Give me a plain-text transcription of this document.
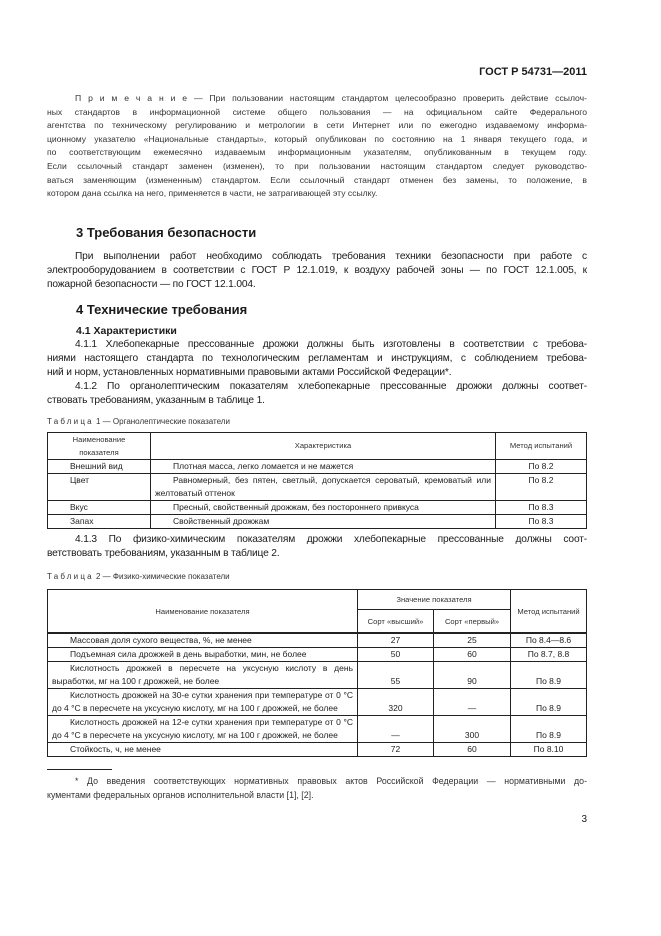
ГОСТ Р 54731—2011
П р и м е ч а н и е — При пользовании настоящим стандартом целесообразно проверить действие ссылоч-
ных стандартов в информационной системе общего пользования — на официальном сайте Федерального
агентства по техническому регулированию и метрологии в сети Интернет или по ежегодно издаваемому информа-
ционному указателю «Национальные стандарты», который опубликован по состоянию на 1 января текущего года, и
по соответствующим ежемесячно издаваемым информационным указателям, опубликованным в текущем году.
Если ссылочный стандарт заменен (изменен), то при пользовании настоящим стандартом следует руководство-
ваться заменяющим (измененным) стандартом. Если ссылочный стандарт отменен без замены, то положение, в
котором дана ссылка на него, применяется в части, не затрагивающей эту ссылку.
3 Требования безопасности
При выполнении работ необходимо соблюдать требования техники безопасности при работе с
электрооборудованием в соответствии с ГОСТ Р 12.1.019, к воздуху рабочей зоны — по ГОСТ 12.1.005, к
пожарной безопасности — по ГОСТ 12.1.004.
4 Технические требования
4.1 Характеристики
4.1.1 Хлебопекарные прессованные дрожжи должны быть изготовлены в соответствии с требова-
ниями настоящего стандарта по технологическим регламентам и инструкциям, с соблюдением требова-
ний и норм, установленных нормативными правовыми актами Российской Федерации*.
4.1.2 По органолептическим показателям хлебопекарные прессованные дрожжи должны соответ-
ствовать требованиям, указанным в таблице 1.
Таблица 1 — Органолептические показатели
Наименование показателя	Характеристика	Метод испытаний
Внешний вид	Плотная масса, легко ломается и не мажется	По 8.2
Цвет	Равномерный, без пятен, светлый, допускается сероватый, кремоватый или желтоватый оттенок	По 8.2
Вкус	Пресный, свойственный дрожжам, без постороннего привкуса	По 8.3
Запах	Свойственный дрожжам	По 8.3
4.1.3 По физико-химическим показателям дрожжи хлебопекарные прессованные должны соот-
ветствовать требованиям, указанным в таблице 2.
Таблица 2 — Физико-химические показатели
Наименование показателя	Значение показателя		Метод испытаний
	Сорт «высший»	Сорт «первый»	
Массовая доля сухого вещества, %, не менее	27	25	По 8.4—8.6
Подъемная сила дрожжей в день выработки, мин, не более	50	60	По 8.7, 8.8
Кислотность дрожжей в пересчете на уксусную кислоту в день выработки, мг на 100 г дрожжей, не более	55	90	По 8.9
Кислотность дрожжей на 30-е сутки хранения при температуре от 0 °С до 4 °С в пересчете на уксусную кислоту, мг на 100 г дрожжей, не более	320	—	По 8.9
Кислотность дрожжей на 12-е сутки хранения при температуре от 0 °С до 4 °С в пересчете на уксусную кислоту, мг на 100 г дрожжей, не более	—	300	По 8.9
Стойкость, ч, не менее	72	60	По 8.10
* До введения соответствующих нормативных правовых актов Российской Федерации — нормативными до-
кументами федеральных органов исполнительной власти [1], [2].
3
